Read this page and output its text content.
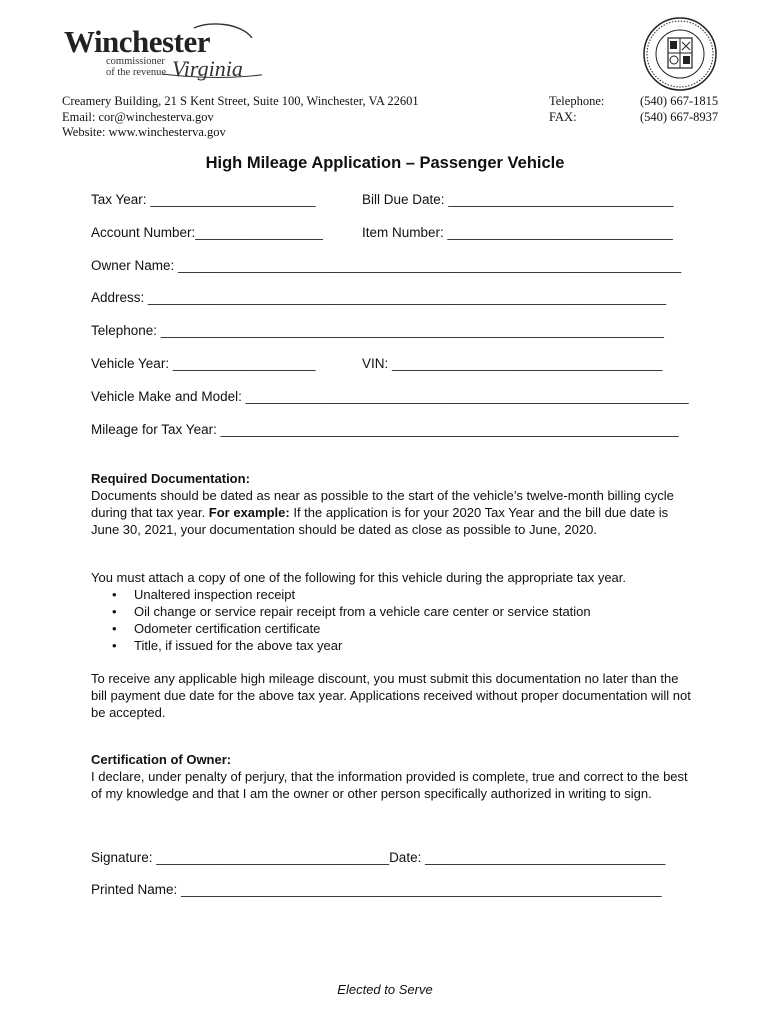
Winchester
commissioner
of the revenue Virginia
Creamery Building, 21 S Kent Street, Suite 100, Winchester, VA 22601
Email: cor@winchesterva.gov
Website: www.winchesterva.gov
Telephone:	(540) 667-1815
FAX:	(540) 667-8937
High Mileage Application – Passenger Vehicle
Tax Year: ______________________	Bill Due Date: ______________________________
Account Number:_________________	Item Number: ______________________________
Owner Name: ___________________________________________________________________
Address: _____________________________________________________________________
Telephone: ___________________________________________________________________
Vehicle Year: ___________________	VIN: ____________________________________
Vehicle Make and Model: ___________________________________________________________
Mileage for Tax Year: _____________________________________________________________
Required Documentation:
Documents should be dated as near as possible to the start of the vehicle’s twelve-month billing cycle during that tax year. For example: If the application is for your 2020 Tax Year and the bill due date is June 30, 2021, your documentation should be dated as close as possible to June, 2020.
You must attach a copy of one of the following for this vehicle during the appropriate tax year.
•	Unaltered inspection receipt
•	Oil change or service repair receipt from a vehicle care center or service station
•	Odometer certification certificate
•	Title, if issued for the above tax year
To receive any applicable high mileage discount, you must submit this documentation no later than the bill payment due date for the above tax year. Applications received without proper documentation will not be accepted.
Certification of Owner:
I declare, under penalty of perjury, that the information provided is complete, true and correct to the best of my knowledge and that I am the owner or other person specifically authorized in writing to sign.
Signature: _______________________________Date: ________________________________
Printed Name: ________________________________________________________________
Elected to Serve
